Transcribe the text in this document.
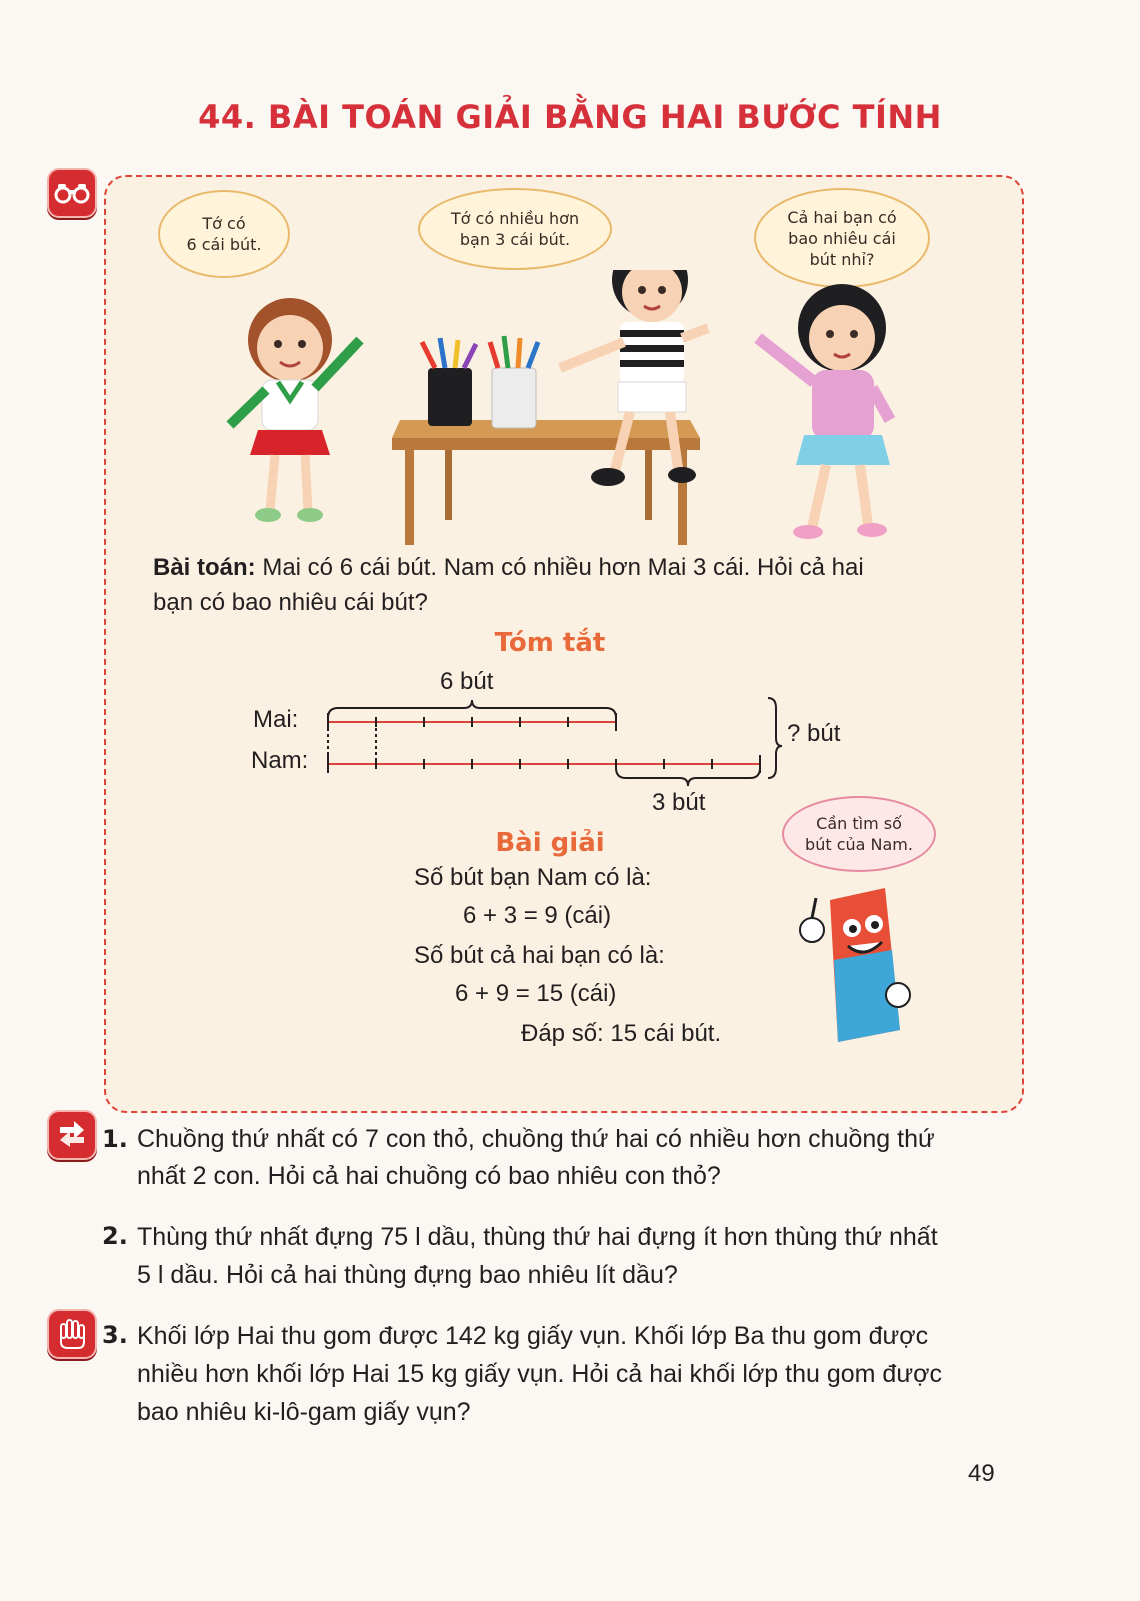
44. BÀI TOÁN GIẢI BẰNG HAI BƯỚC TÍNH
Tớ có
6 cái bút.
Tớ có nhiều hơn
bạn 3 cái bút.
Cả hai bạn có
bao nhiêu cái
bút nhỉ?
Bài toán: Mai có 6 cái bút. Nam có nhiều hơn Mai 3 cái. Hỏi cả hai
bạn có bao nhiêu cái bút?
Tóm tắt
6 bút
Mai:
Nam:
? bút
3 bút
Bài giải
Số bút bạn Nam có là:
6 + 3 = 9 (cái)
Số bút cả hai bạn có là:
6 + 9 = 15 (cái)
Đáp số: 15 cái bút.
Cần tìm số
bút của Nam.
1. Chuồng thứ nhất có 7 con thỏ, chuồng thứ hai có nhiều hơn chuồng thứ
nhất 2 con. Hỏi cả hai chuồng có bao nhiêu con thỏ?
2. Thùng thứ nhất đựng 75 l dầu, thùng thứ hai đựng ít hơn thùng thứ nhất
5 l dầu. Hỏi cả hai thùng đựng bao nhiêu lít dầu?
3. Khối lớp Hai thu gom được 142 kg giấy vụn. Khối lớp Ba thu gom được
nhiều hơn khối lớp Hai 15 kg giấy vụn. Hỏi cả hai khối lớp thu gom được
bao nhiêu ki-lô-gam giấy vụn?
49
